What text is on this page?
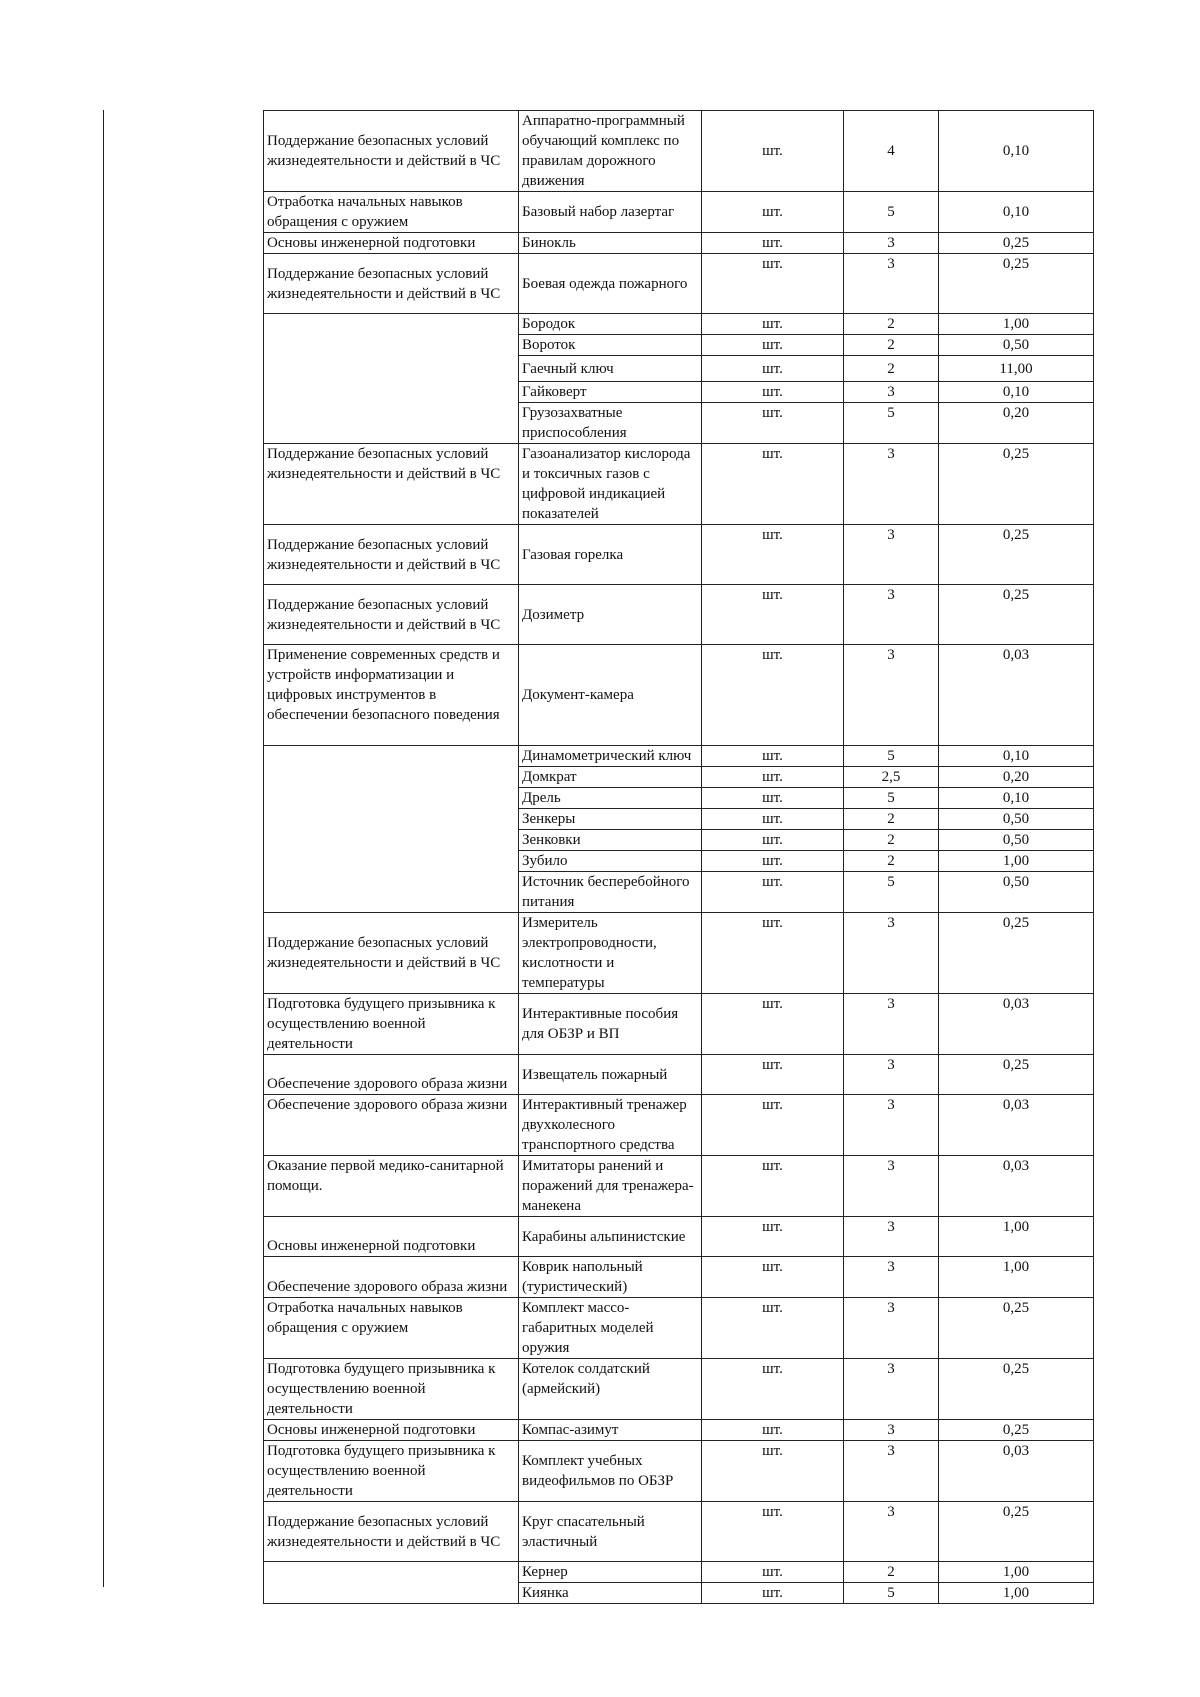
Поддержание безопасных условий жизнедеятельности и действий в ЧС	Аппаратно-программный обучающий комплекс по правилам дорожного движения	шт.	4	0,10
Отработка начальных навыков обращения с оружием	Базовый набор лазертаг	шт.	5	0,10
Основы инженерной подготовки	Бинокль	шт.	3	0,25
Поддержание безопасных условий жизнедеятельности и действий в ЧС	Боевая одежда пожарного	шт.	3	0,25
	Бородок	шт.	2	1,00
	Вороток	шт.	2	0,50
	Гаечный ключ	шт.	2	11,00
	Гайковерт	шт.	3	0,10
	Грузозахватные приспособления	шт.	5	0,20
Поддержание безопасных условий жизнедеятельности и действий в ЧС	Газоанализатор кислорода и токсичных газов с цифровой индикацией показателей	шт.	3	0,25
Поддержание безопасных условий жизнедеятельности и действий в ЧС	Газовая горелка	шт.	3	0,25
Поддержание безопасных условий жизнедеятельности и действий в ЧС	Дозиметр	шт.	3	0,25
Применение современных средств и устройств информатизации и цифровых инструментов в обеспечении безопасного поведения	Документ-камера	шт.	3	0,03
	Динамометрический ключ	шт.	5	0,10
	Домкрат	шт.	2,5	0,20
	Дрель	шт.	5	0,10
	Зенкеры	шт.	2	0,50
	Зенковки	шт.	2	0,50
	Зубило	шт.	2	1,00
	Источник бесперебойного питания	шт.	5	0,50
Поддержание безопасных условий жизнедеятельности и действий в ЧС	Измеритель электропроводности, кислотности и температуры	шт.	3	0,25
Подготовка будущего призывника к осуществлению военной деятельности	Интерактивные пособия для ОБЗР и ВП	шт.	3	0,03
Обеспечение здорового образа жизни	Извещатель пожарный	шт.	3	0,25
Обеспечение здорового образа жизни	Интерактивный тренажер двухколесного транспортного средства	шт.	3	0,03
Оказание первой медико-санитарной помощи.	Имитаторы ранений и поражений для тренажера-манекена	шт.	3	0,03
Основы инженерной подготовки	Карабины альпинистские	шт.	3	1,00
Обеспечение здорового образа жизни	Коврик напольный (туристический)	шт.	3	1,00
Отработка начальных навыков обращения с оружием	Комплект массо-габаритных моделей оружия	шт.	3	0,25
Подготовка будущего призывника к осуществлению военной деятельности	Котелок солдатский (армейский)	шт.	3	0,25
Основы инженерной подготовки	Компас-азимут	шт.	3	0,25
Подготовка будущего призывника к осуществлению военной деятельности	Комплект учебных видеофильмов по ОБЗР	шт.	3	0,03
Поддержание безопасных условий жизнедеятельности и действий в ЧС	Круг спасательный эластичный	шт.	3	0,25
	Кернер	шт.	2	1,00
	Киянка	шт.	5	1,00
